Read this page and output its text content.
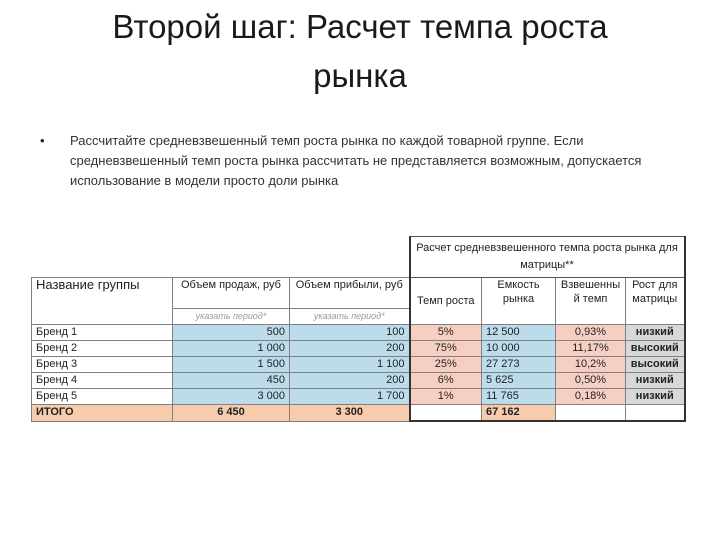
Второй шаг: Расчет темпа роста
рынка
• Рассчитайте средневзвешенный темп роста рынка по каждой товарной группе. Если средневзвешенный темп роста рынка рассчитать не представляется возможным, допускается использование в модели просто доли рынка
			Расчет средневзвешенного темпа роста рынка для матрицы**			
Название группы	Объем продаж, руб	Объем прибыли, руб	Темп роста	Емкость рынка	Взвешенны й темп	Рост для матрицы
	указать период*	указать период*				
Бренд 1	500	100	5%	12 500	0,93%	низкий
Бренд 2	1 000	200	75%	10 000	11,17%	высокий
Бренд 3	1 500	1 100	25%	27 273	10,2%	высокий
Бренд 4	450	200	6%	5 625	0,50%	низкий
Бренд 5	3 000	1 700	1%	11 765	0,18%	низкий
ИТОГО	6 450	3 300		67 162		
